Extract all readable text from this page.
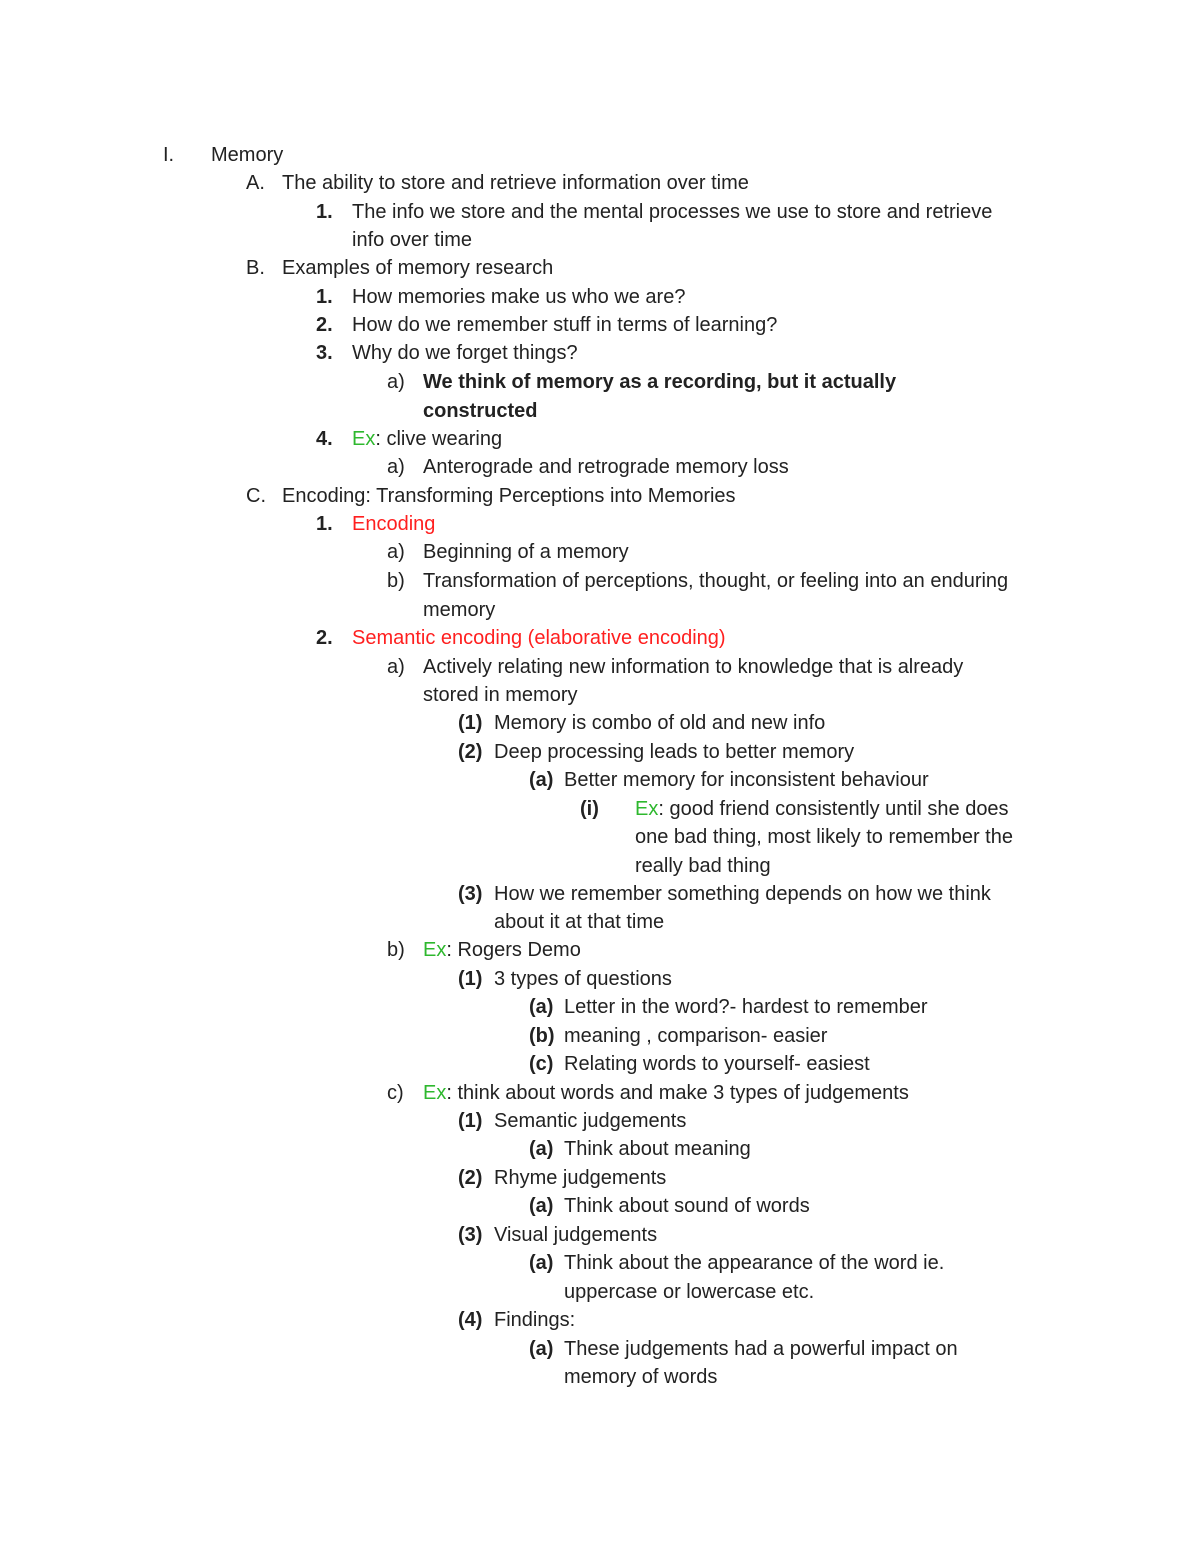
I. Memory
A. The ability to store and retrieve information over time
1. The info we store and the mental processes we use to store and retrieve
info over time
B. Examples of memory research
1. How memories make us who we are?
2. How do we remember stuff in terms of learning?
3. Why do we forget things?
a) We think of memory as a recording, but it actually
constructed
4. Ex: clive wearing
a) Anterograde and retrograde memory loss
C. Encoding: Transforming Perceptions into Memories
1. Encoding
a) Beginning of a memory
b) Transformation of perceptions, thought, or feeling into an enduring
memory
2. Semantic encoding (elaborative encoding)
a) Actively relating new information to knowledge that is already
stored in memory
(1) Memory is combo of old and new info
(2) Deep processing leads to better memory
(a) Better memory for inconsistent behaviour
(i) Ex: good friend consistently until she does
one bad thing, most likely to remember the
really bad thing
(3) How we remember something depends on how we think
about it at that time
b) Ex: Rogers Demo
(1) 3 types of questions
(a) Letter in the word?- hardest to remember
(b) meaning , comparison- easier
(c) Relating words to yourself- easiest
c) Ex: think about words and make 3 types of judgements
(1) Semantic judgements
(a) Think about meaning
(2) Rhyme judgements
(a) Think about sound of words
(3) Visual judgements
(a) Think about the appearance of the word ie.
uppercase or lowercase etc.
(4) Findings:
(a) These judgements had a powerful impact on
memory of words
